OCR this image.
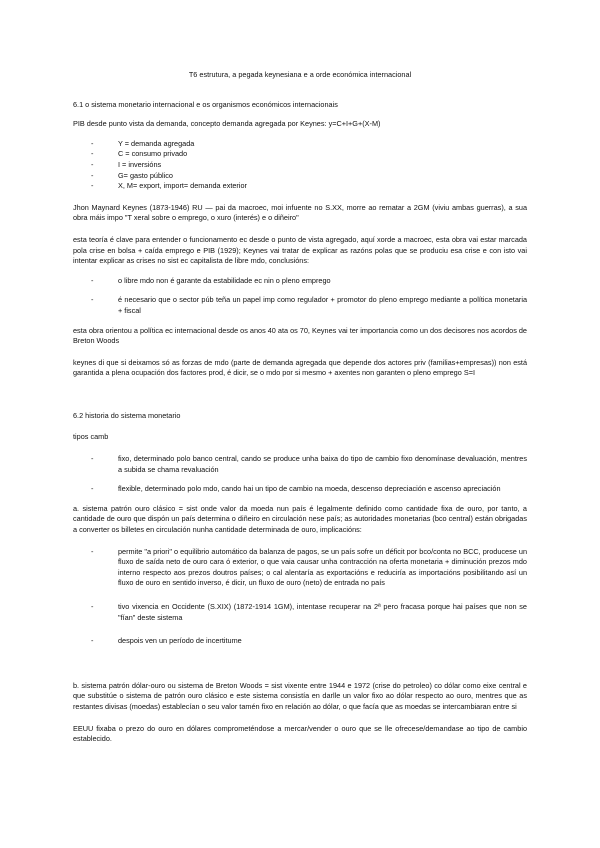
T6 estrutura, a pegada keynesiana e a orde económica internacional
6.1 o sistema monetario internacional e os organismos económicos internacionais

PIB desde punto vista da demanda, concepto demanda agregada por Keynes: y=C+I+G+(X-M)

- Y = demanda agregada
- C = consumo privado
- I = inversións
- G= gasto público
- X, M= export, import= demanda exterior

Jhon Maynard Keynes (1873-1946) RU — pai da macroec, moi infuente no S.XX, morre ao rematar a 2GM (viviu ambas guerras), a sua obra máis impo "T xeral sobre o emprego, o xuro (interés) e o diñeiro"

esta teoría é clave para entender o funcionamento ec desde o punto de vista agregado, aquí xorde a macroec, esta obra vai estar marcada pola crise en bolsa + caída emprego e PIB (1929); Keynes vai tratar de explicar as razóns polas que se produciu esa crise e con isto vai intentar explicar as crises no sist ec capitalista de libre mdo, conclusións:

- o libre mdo non é garante da estabilidade ec nin o pleno emprego
- é necesario que o sector púb teña un papel imp como regulador + promotor do pleno emprego mediante a política monetaria + fiscal

esta obra orientou a política ec internacional desde os anos 40 ata os 70, Keynes vai ter importancia como un dos decisores nos acordos de Breton Woods

keynes di que si deixamos só as forzas de mdo (parte de demanda agregada que depende dos actores priv (familias+empresas)) non está garantida a plena ocupación dos factores prod, é dicir, se o mdo por si mesmo + axentes non garanten o pleno emprego S=I

6.2 historia do sistema monetario

tipos camb

- fixo, determinado polo banco central, cando se produce unha baixa do tipo de cambio fixo denomínase devaluación, mentres a subida se chama revaluación
- flexible, determinado polo mdo, cando hai un tipo de cambio na moeda, descenso depreciación e ascenso apreciación

a. sistema patrón ouro clásico = sist onde valor da moeda nun país é legalmente definido como cantidade fixa de ouro, por tanto, a cantidade de ouro que dispón un país determina o diñeiro en circulación nese país; as autoridades monetarias (bco central) están obrigadas a converter os billetes en circulación nunha cantidade determinada de ouro, implicacións:

- permite "a priori" o equilibrio automático da balanza de pagos, se un país sofre un déficit por bco/conta no BCC, producese un fluxo de saída neto de ouro cara ó exterior, o que vaia causar unha contracción na oferta monetaria + diminución prezos mdo interno respecto aos prezos doutros países; o cal alentaría as exportacións e reduciría as importacións posibilitando así un fluxo de ouro en sentido inverso, é dicir, un fluxo de ouro (neto) de entrada no país
- tivo vixencia en Occidente (S.XIX) (1872-1914 1GM), intentase recuperar na 2ª pero fracasa porque hai países que non se "fían" deste sistema
- despois ven un período de incertitume

b. sistema patrón dólar-ouro ou sistema de Breton Woods = sist vixente entre 1944 e 1972 (crise do petroleo) co dólar como eixe central e que substitúe o sistema de patrón ouro clásico e este sistema consistía en darlle un valor fixo ao dólar respecto ao ouro, mentres que as restantes divisas (moedas) establecían o seu valor tamén fixo en relación ao dólar, o que facía que as moedas se intercambiaran entre si

EEUU fixaba o prezo do ouro en dólares comprometéndose a mercar/vender o ouro que se lle ofrecese/demandase ao tipo de cambio establecido.
